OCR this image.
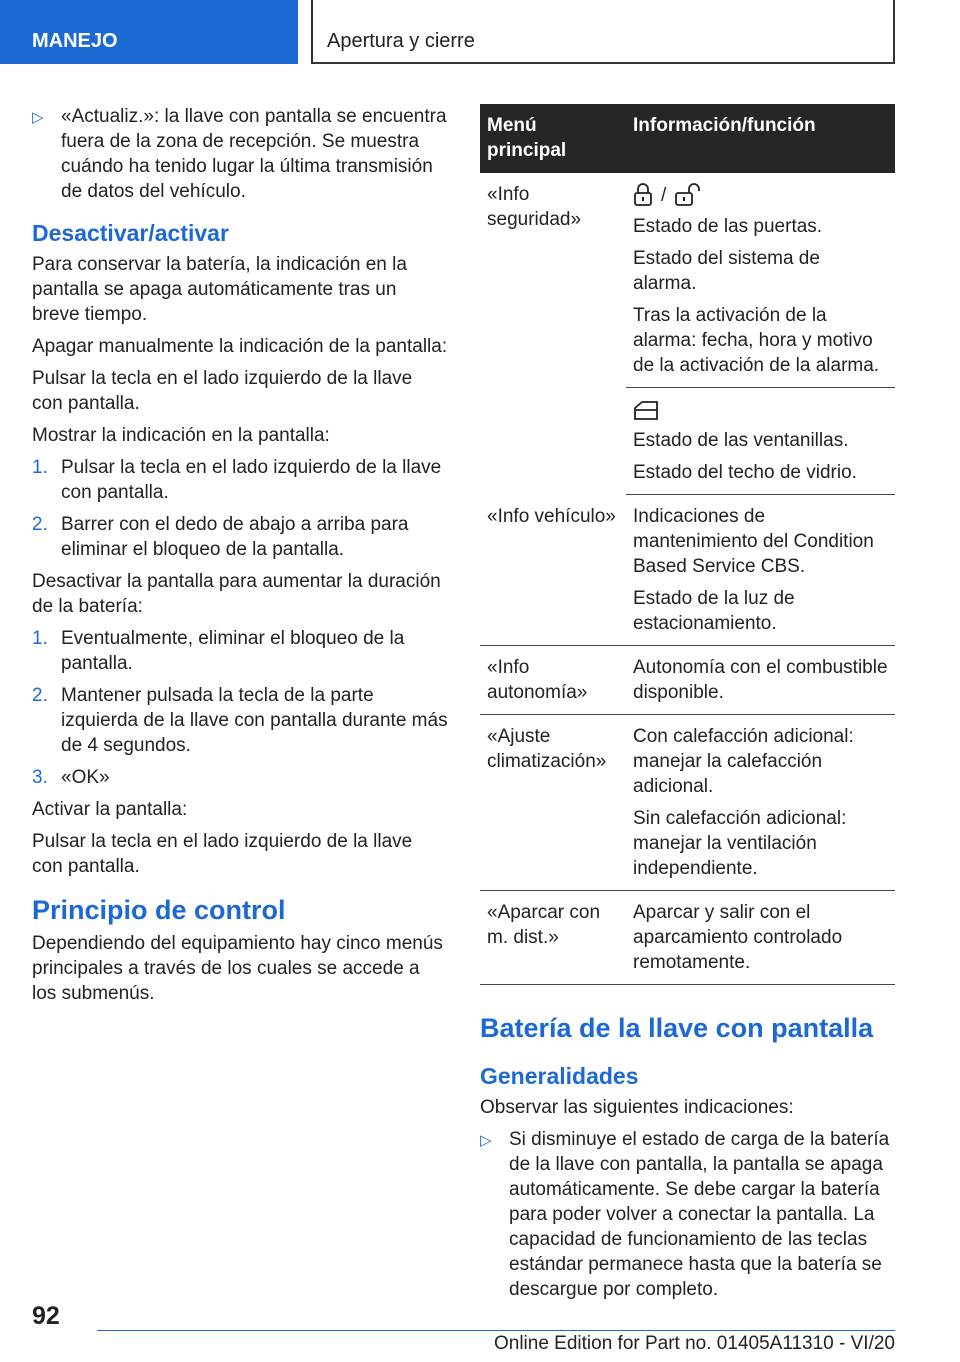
MANEJO	Apertura y cierre
▷ «Actualiz.»: la llave con pantalla se encuentra fuera de la zona de recepción. Se muestra cuándo ha tenido lugar la última transmisión de datos del vehículo.
Desactivar/activar

Para conservar la batería, la indicación en la pantalla se apaga automáticamente tras un breve tiempo.

Apagar manualmente la indicación de la pantalla:

Pulsar la tecla en el lado izquierdo de la llave con pantalla.

Mostrar la indicación en la pantalla:

1. Pulsar la tecla en el lado izquierdo de la llave con pantalla.
2. Barrer con el dedo de abajo a arriba para eliminar el bloqueo de la pantalla.

Desactivar la pantalla para aumentar la duración de la batería:

1. Eventualmente, eliminar el bloqueo de la pantalla.
2. Mantener pulsada la tecla de la parte izquierda de la llave con pantalla durante más de 4 segundos.
3. «OK»

Activar la pantalla:

Pulsar la tecla en el lado izquierdo de la llave con pantalla.

Principio de control

Dependiendo del equipamiento hay cinco menús principales a través de los cuales se accede a los submenús.

Menú principal	Información/función
«Info seguridad»	/

Estado de las puertas.

Estado del sistema de alarma.

Tras la activación de la alarma: fecha, hora y motivo de la activación de la alarma.

	Estado de las ventanillas.

Estado del techo de vidrio.

«Info vehículo»	Indicaciones de mantenimiento del Condition Based Service CBS.

Estado de la luz de estacionamiento.

«Info autonomía»	Autonomía con el combustible disponible.

«Ajuste climatización»	Con calefacción adicional: manejar la calefacción adicional.

Sin calefacción adicional: manejar la ventilación independiente.

«Aparcar con m. dist.»	Aparcar y salir con el aparcamiento controlado remotamente.

Batería de la llave con pantalla
Generalidades

Observar las siguientes indicaciones:

▷ Si disminuye el estado de carga de la batería de la llave con pantalla, la pantalla se apaga automáticamente. Se debe cargar la batería para poder volver a conectar la pantalla. La capacidad de funcionamiento de las teclas estándar permanece hasta que la batería se descargue por completo.
92
Online Edition for Part no. 01405A11310 - VI/20
